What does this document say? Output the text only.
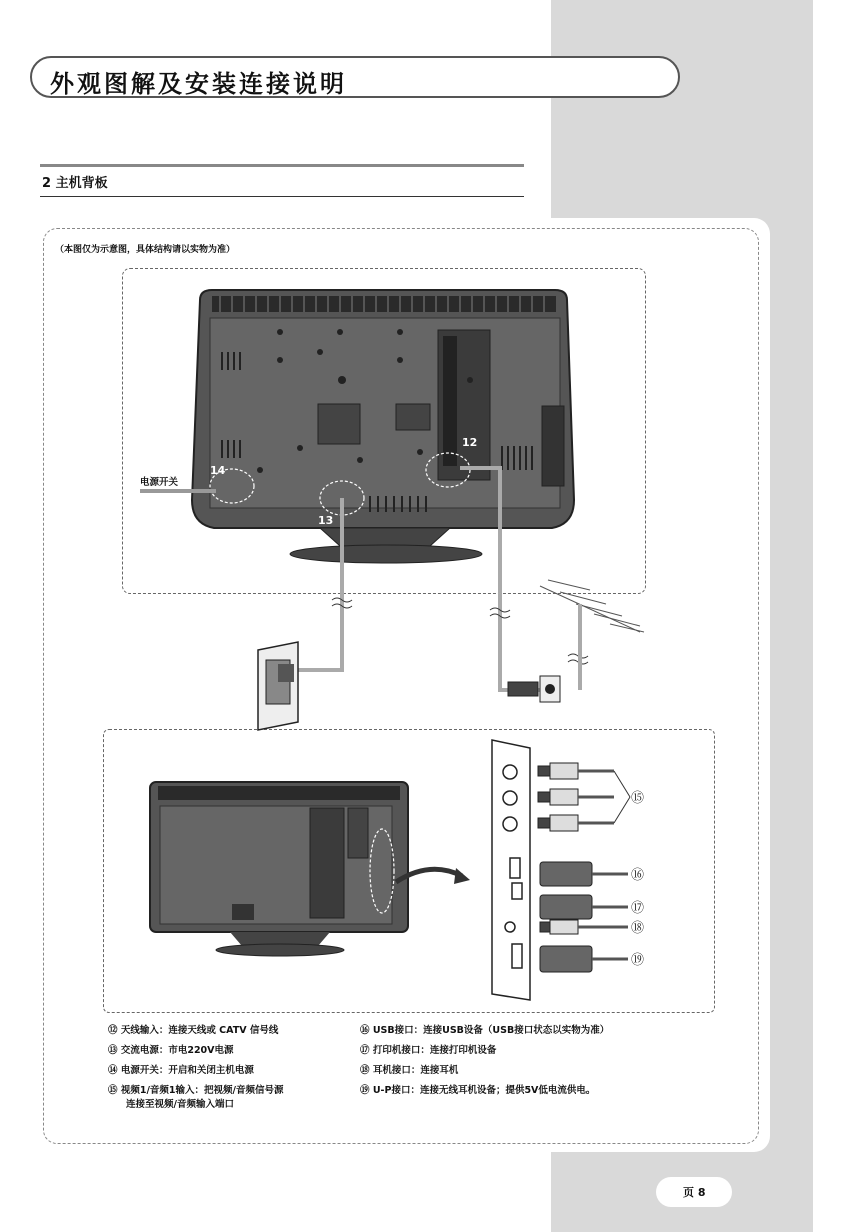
外观图解及安装连接说明
2 主机背板
（本图仅为示意图，具体结构请以实物为准）
14
13
12
⑮
⑯
⑰
⑱
⑲
电源开关
⑫ 天线输入：连接天线或 CATV 信号线
⑬ 交流电源：市电220V电源
⑭ 电源开关：开启和关闭主机电源
⑮ 视频1/音频1输入：把视频/音频信号源
连接至视频/音频输入端口
⑯ USB接口：连接USB设备（USB接口状态以实物为准）
⑰ 打印机接口：连接打印机设备
⑱ 耳机接口：连接耳机
⑲ U-P接口：连接无线耳机设备；提供5V低电流供电。
页 8
